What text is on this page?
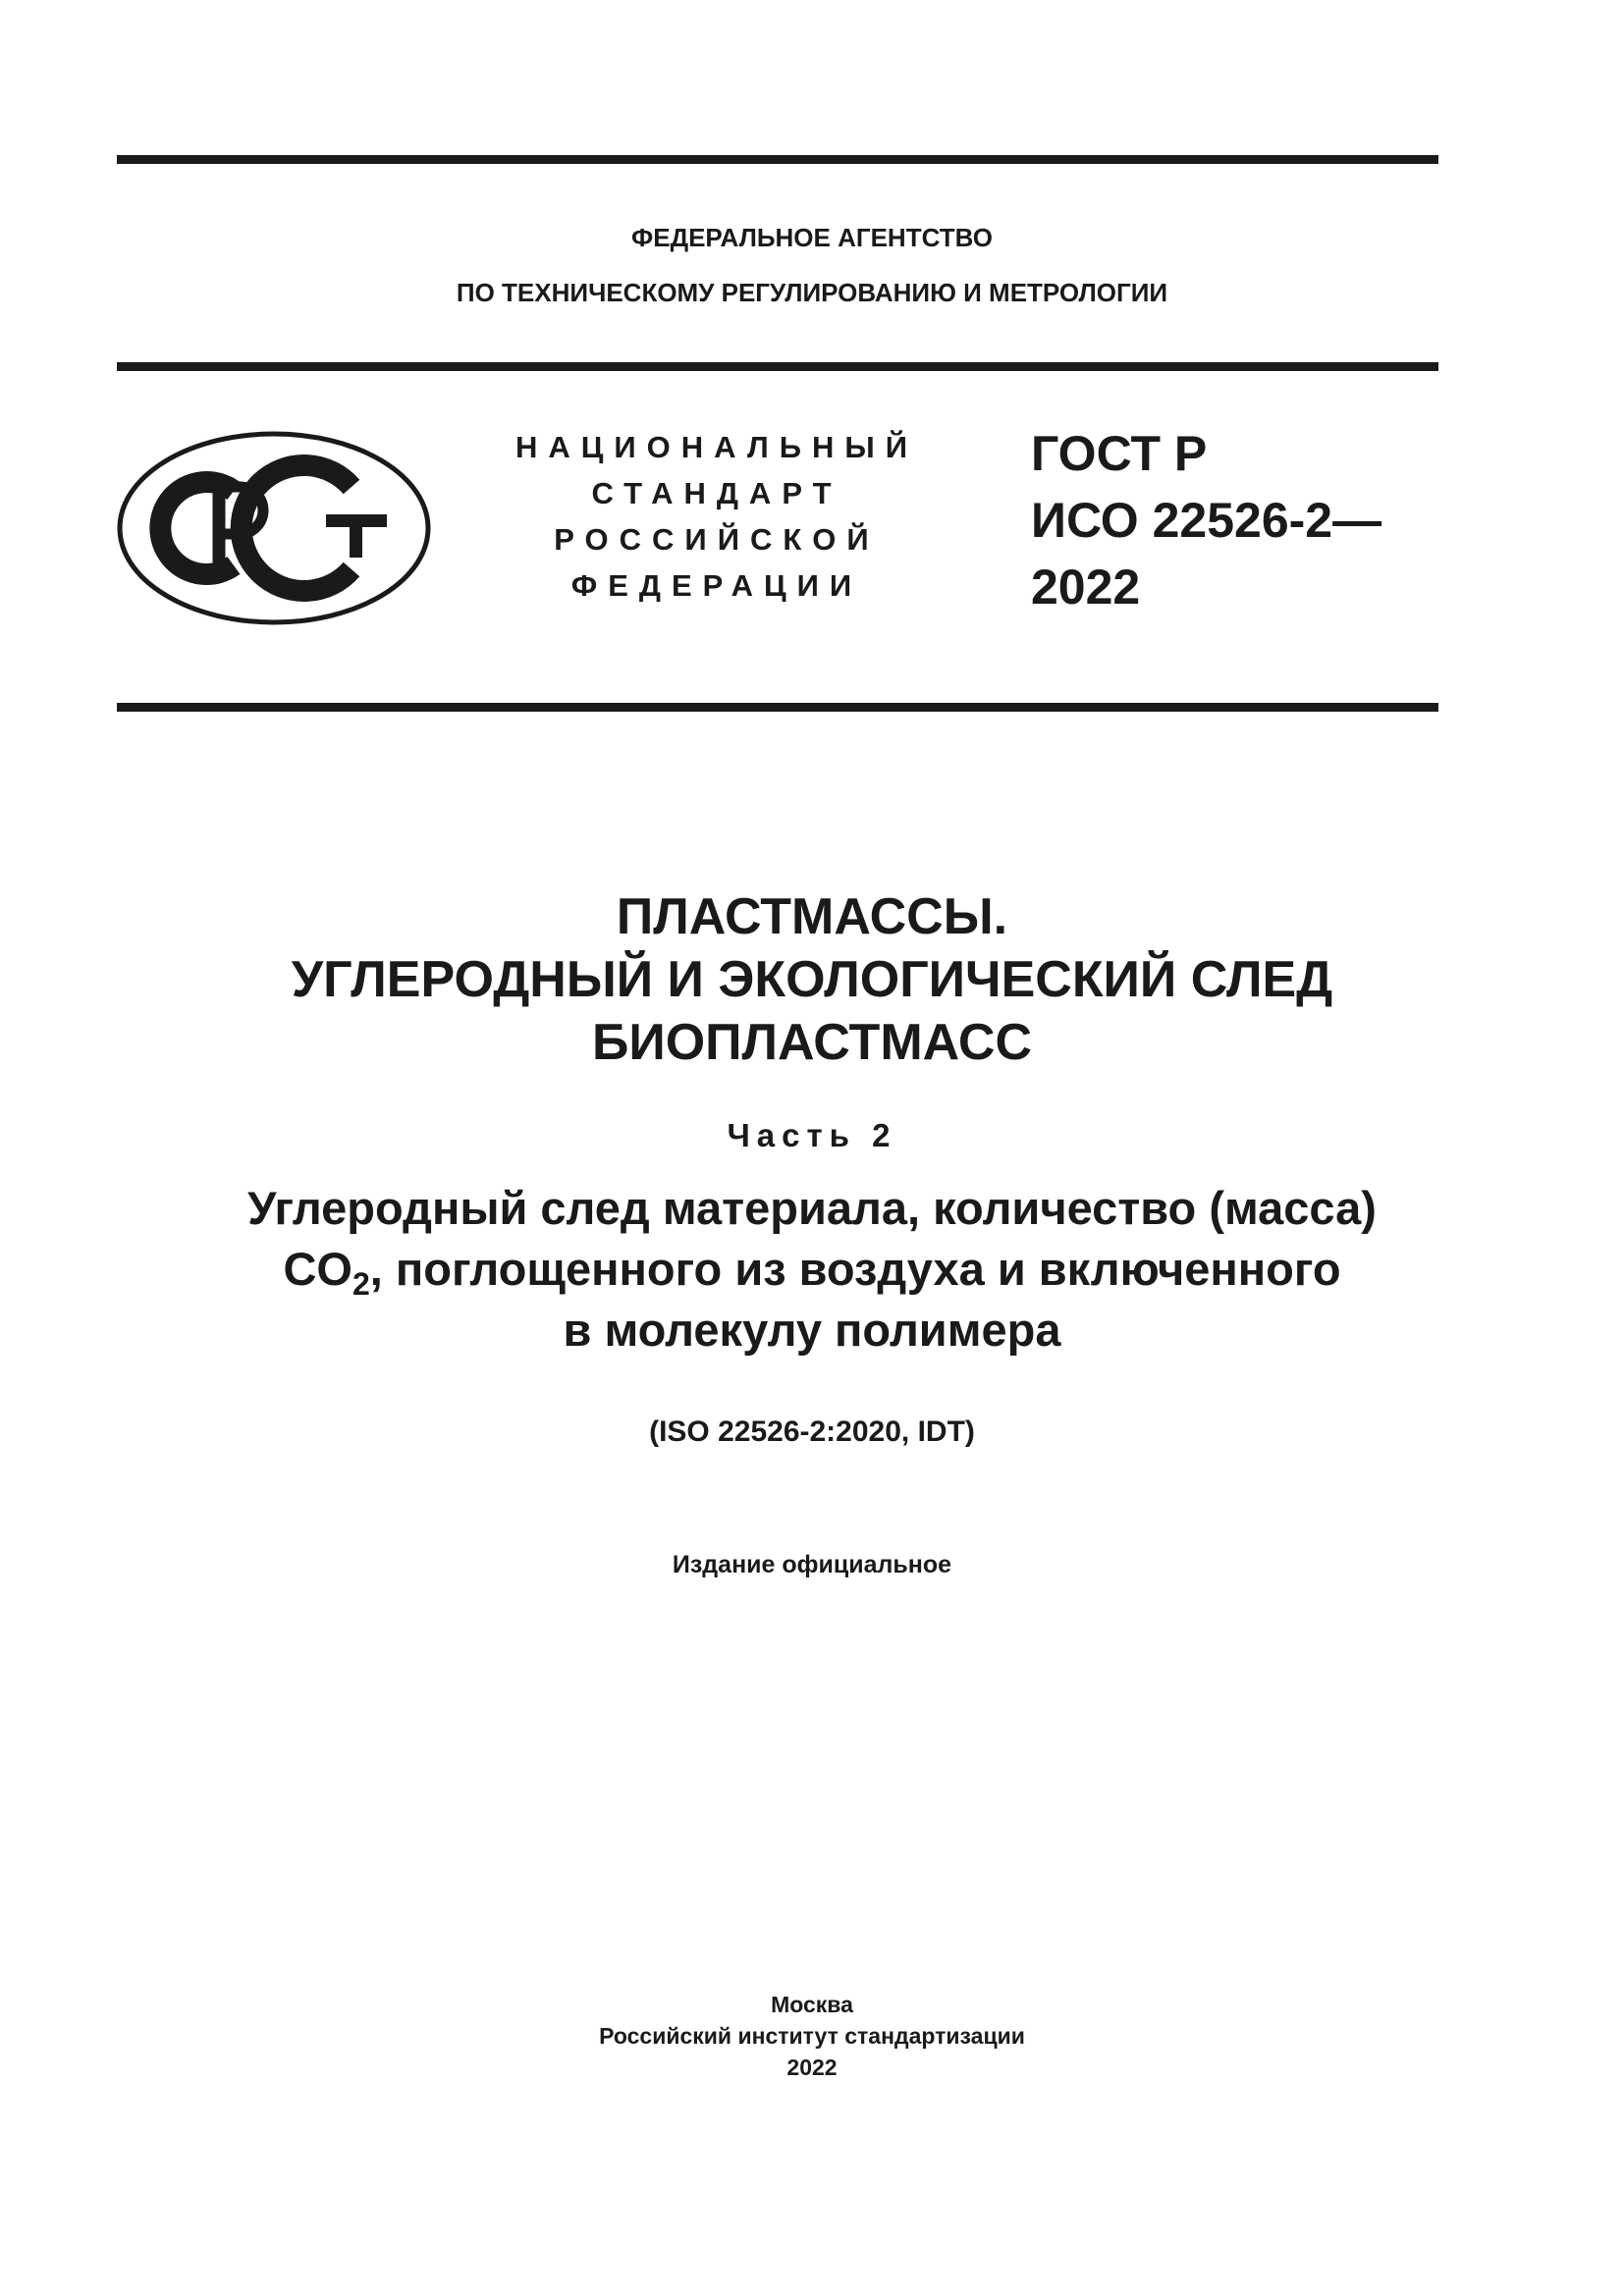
ФЕДЕРАЛЬНОЕ АГЕНТСТВО
ПО ТЕХНИЧЕСКОМУ РЕГУЛИРОВАНИЮ И МЕТРОЛОГИИ
НАЦИОНАЛЬНЫЙ
СТАНДАРТ
РОССИЙСКОЙ
ФЕДЕРАЦИИ
ГОСТ Р
ИСО 22526-2—
2022
ПЛАСТМАССЫ.
УГЛЕРОДНЫЙ И ЭКОЛОГИЧЕСКИЙ СЛЕД
БИОПЛАСТМАСС
Часть 2
Углеродный след материала, количество (масса)
$CO_2$, поглощенного из воздуха и включенного
в молекулу полимера
(ISO 22526-2:2020, IDT)
Издание официальное
Москва
Российский институт стандартизации
2022
